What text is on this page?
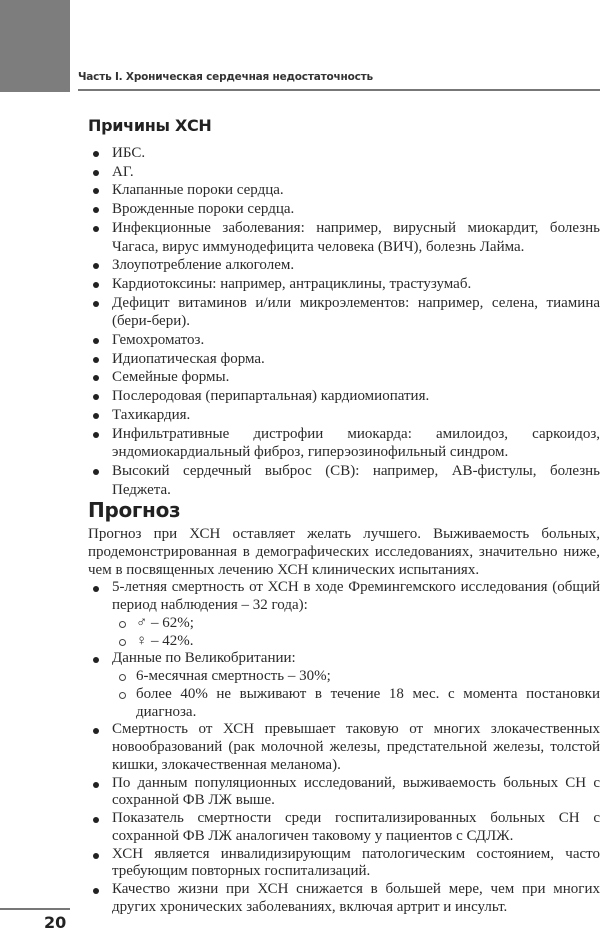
Часть I. Хроническая сердечная недостаточность
Причины ХСН
ИБС.
АГ.
Клапанные пороки сердца.
Врожденные пороки сердца.
Инфекционные заболевания: например, вирусный миокардит, болезнь Чагаса, вирус иммунодефицита человека (ВИЧ), болезнь Лайма.
Злоупотребление алкоголем.
Кардиотоксины: например, антрациклины, трастузумаб.
Дефицит витаминов и/или микроэлементов: например, селена, тиамина (бери-бери).
Гемохроматоз.
Идиопатическая форма.
Семейные формы.
Послеродовая (перипартальная) кардиомиопатия.
Тахикардия.
Инфильтративные дистрофии миокарда: амилоидоз, саркоидоз, эндомиокардиальный фиброз, гиперэозинофильный синдром.
Высокий сердечный выброс (СВ): например, АВ-фистулы, болезнь Педжета.
Прогноз

Прогноз при ХСН оставляет желать лучшего. Выживаемость больных, продемонстрированная в демографических исследованиях, значительно ниже, чем в посвященных лечению ХСН клинических испытаниях.

5-летняя смертность от ХСН в ходе Фремингемского исследования (общий период наблюдения – 32 года):
♂ – 62%;
♀ – 42%.
Данные по Великобритании:
6-месячная смертность – 30%;
более 40% не выживают в течение 18 мес. с момента постановки диагноза.
Смертность от ХСН превышает таковую от многих злокачественных новообразований (рак молочной железы, предстательной железы, толстой кишки, злокачественная меланома).
По данным популяционных исследований, выживаемость больных СН с сохранной ФВ ЛЖ выше.
Показатель смертности среди госпитализированных больных СН с сохранной ФВ ЛЖ аналогичен таковому у пациентов с СДЛЖ.
ХСН является инвалидизирующим патологическим состоянием, часто требующим повторных госпитализаций.
Качество жизни при ХСН снижается в большей мере, чем при многих других хронических заболеваниях, включая артрит и инсульт.
20
